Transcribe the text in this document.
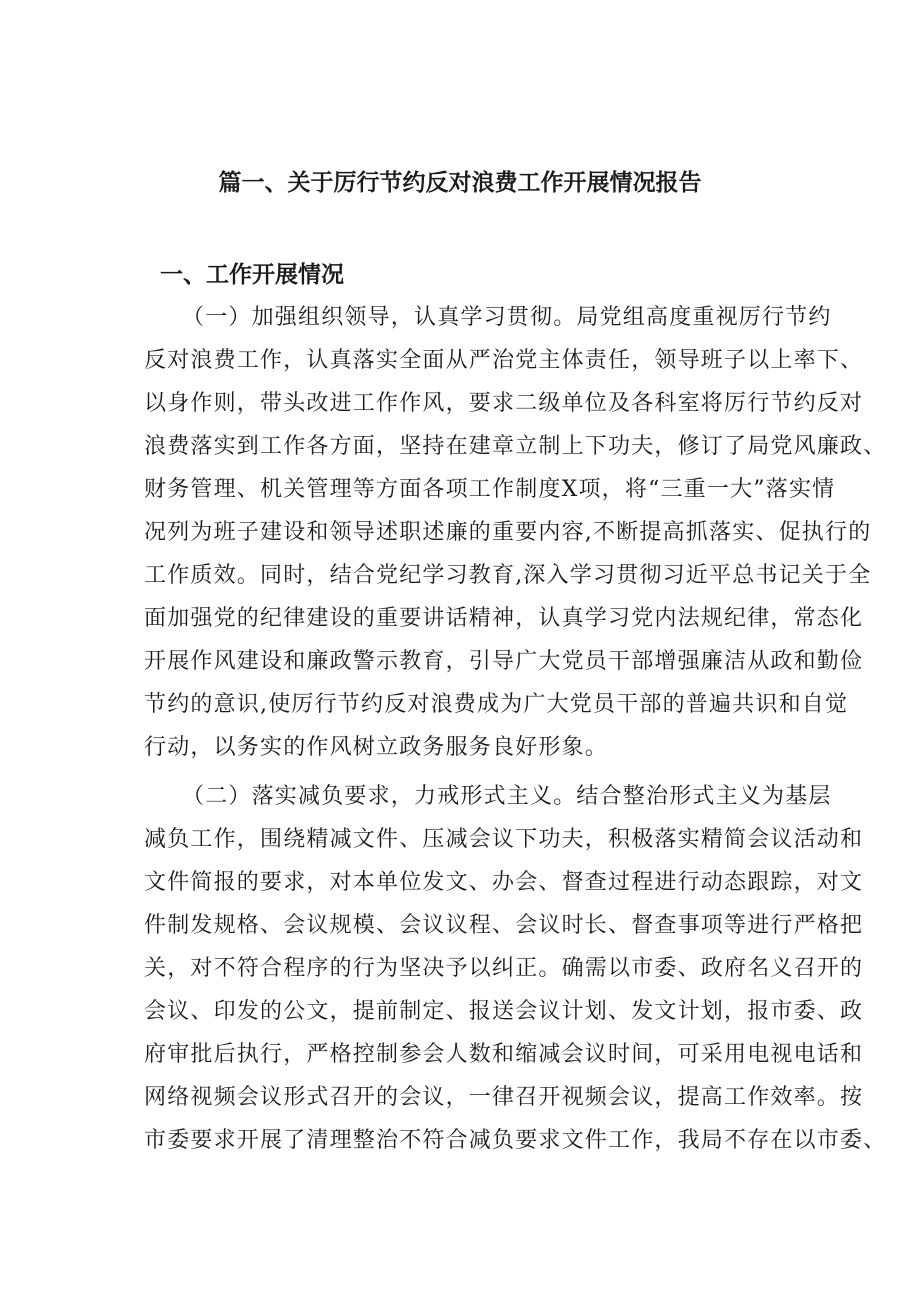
篇一、关于厉行节约反对浪费工作开展情况报告
一、工作开展情况

（一）加强组织领导，认真学习贯彻。局党组高度重视厉行节约

反对浪费工作，认真落实全面从严治党主体责任，领导班子以上率下、

以身作则，带头改进工作作风，要求二级单位及各科室将厉行节约反对

浪费落实到工作各方面，坚持在建章立制上下功夫，修订了局党风廉政、

财务管理、机关管理等方面各项工作制度X项，将“三重一大”落实情

况列为班子建设和领导述职述廉的重要内容,不断提高抓落实、促执行的

工作质效。同时，结合党纪学习教育,深入学习贯彻习近平总书记关于全

面加强党的纪律建设的重要讲话精神，认真学习党内法规纪律，常态化

开展作风建设和廉政警示教育，引导广大党员干部增强廉洁从政和勤俭

节约的意识,使厉行节约反对浪费成为广大党员干部的普遍共识和自觉

行动，以务实的作风树立政务服务良好形象。

（二）落实减负要求，力戒形式主义。结合整治形式主义为基层

减负工作，围绕精减文件、压减会议下功夫，积极落实精简会议活动和

文件简报的要求，对本单位发文、办会、督查过程进行动态跟踪，对文

件制发规格、会议规模、会议议程、会议时长、督查事项等进行严格把

关，对不符合程序的行为坚决予以纠正。确需以市委、政府名义召开的

会议、印发的公文，提前制定、报送会议计划、发文计划，报市委、政

府审批后执行，严格控制参会人数和缩减会议时间，可采用电视电话和

网络视频会议形式召开的会议，一律召开视频会议，提高工作效率。按

市委要求开展了清理整治不符合减负要求文件工作，我局不存在以市委、
